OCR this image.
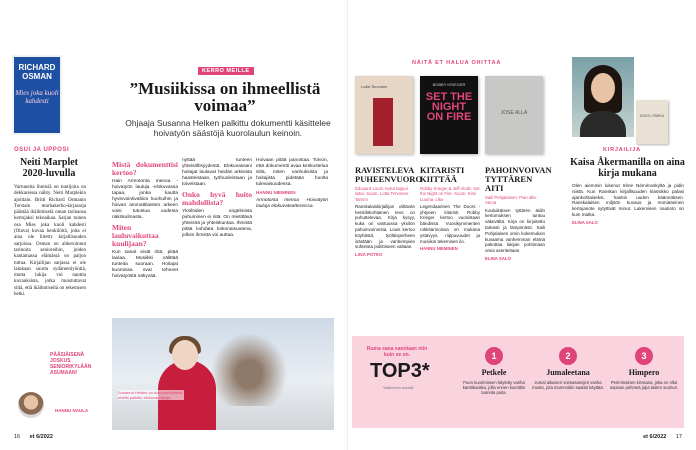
RICHARD OSMAN
Mies joka kuoli kahdesti
OSUI JA UPPOSI
Neiti Marplet 2020-luvulla
Vartuneita ihmisiä on tuntijoita on dekkareissa nähty. Neiti Marplekin ajoittain. Britti Richard Osmanin Torstain murhakerho-kirjasarja päästää ikäihmisetä oman tarinansa kertojaksi tekoaikaa. Sarjan toinen osa Mies joka kuoli kahdesti (Otava) kuvaa henkilöitä, joita ei aina ole liitetty kirjallisuuden sarjoissa. Osman on ahkeroinnut tarinoita senioreihin, joiden kantamassa elämässä on paljon tuttua. Kirjailijan sarjassa ei ole lainkaan suurta sydämenlyöntiä, mutta lukija voi nauttia kuvauksista, jotka muistuttavat siitä, että ikäihmisellä on tekemisen hetki.
PÄÄSIÄISENÄ JOSKUS SENIORIKYLÄÄN ASUMAAN!
HANNU NAULA
KERRO MEILLE
”Musiikissa on ihmeellistä voimaa”
Ohjaaja Susanna Helken palkittu dokumentti käsittelee hoivatyön säästöjä kuorolaulun keinoin.
Mistä dokumenttisi kertoo?

Hain Armotonta menoa -hoivatyön lauluja -elokuvassa tapaa, jonka kautta hyvinvointivaltion kuohuihin ja hoivan ammattilaisten arkeen voisi tutustua uudesta näkökulmasta.

Miten lauluvaikuttaa kuulijaan?

Kun sanat eivät riitä, pitää laulaa. Musiikki välittää tunteita suoraan. Hoitajat kuoroissa ovat tehneet hoivatyöstä näkyvää.

nyttää tunteen yhteisöllisyydestä. Elokuvassani hoitajat laulavat heidän arkisista haasteistaan, työhuoleistaan ja toiveistaan.

Onko hyvä hoito mahdollista?

Yksilöiden ongelmista puhuminen ei riitä. On mietittävä yhteisöä ja yhteiskuntaa. Ihmistä pitää kohdata kokonaisuutena, jolloin ihmistä voi auttaa.

Hoivaan pitää panostaa. Toivon, että dokumentti avaa keskustelua siitä, miten vanhuksista ja hoitajista pidetään huolta tulevaisuudessa.

HANNU NIEMINEN

Armotonta menoa -Hoivatyön lauluja elokuvateattereissa.

Susanna Helken on dokumenttiensä ohella palkittu elokuvaohjaaja.
16 et 6/2022
NÄITÄ ET HALUA OHITTAA
Lotta Tervonen	BOBBY KRIEGER
SET THE NIGHT ON FIRE	JOSE ALLA
RAVISTELEVA PUHEENVUORO
Édouard Louis: Kuka tappoi isäni. Suom. Lotta Tervonen. Tammi
Ranskalaiskirjailijan viiltävän henkilökohtainen teos on puhuttelevaa. Kirja kysyy, kuka on vastuussa yksilön pahoinvoinnista. Louis kertoo köyhästä, työläisperheen isästään ja vanhempien suhteista poliittiseen valtaan.
LIISA POTKO
KITARISTI KIITTÄÄ
Robby Krieger & Jeff Alulis: Set the Night on Fire. Suom. Kirsi Luoma. Like
Legendaarinen The Doors -yhtyeen kitaristi Robby Krieger kertoo vuosistaan bändissä. Vuosikymmenten rokkitarinoissa on mukana ystävyys, riippuvuudet ja musiikin tekemisen ilo.
HANNU NIEMINEN
PAHOINVOIVAN TYTTÄREN AITI
Saili Pohjalainen: Pian alla. Atena
Kouluikäisen tyttären äidin kertomuksen tuntuu väkevältä. Kirja on kirjoitettu tarkasti ja lämpimästi. Saili Pohjalaisen omin kokemuksin kuvaama vanhemman elämä pakottaa lukijan pohtimaan omia asenteitaan.
ELINA SALO
SISKO, PARKA
KIRJAILIJA
Kaisa Åkermanilla on aina kirja mukana

Olen aiemmin lukenut Irène Némirovskyltä ja pidin niistä. Kun Ranskan kirjallisuuden klassikko palasi ajankohtaiseksi, hankin uuden käännöksen. Ranskalaisen miljöön kuvaus ja moniääninen kertojanote sytyttivät minut. Lukemisen nautinto on kuin matka.

ELINA SALO
Ruma sana sanotaan niin kuin se on.
TOP3*
*Ikäihmisen suosikit
1
Petkele
Puun kuorimiseen käytetty vanha kanttikoukku, jolla ennen kuorittiin tuoreita puita.
2
Jumaleetana
Jumal aikuisen voimasanojen vanha muoto, jota mummokin saattoi käyttää.
3
Himpero
Perimmäinen kirosana, joka on ollut sopivan pehmeä jopa lasten suuhun.
et 6/2022 17
